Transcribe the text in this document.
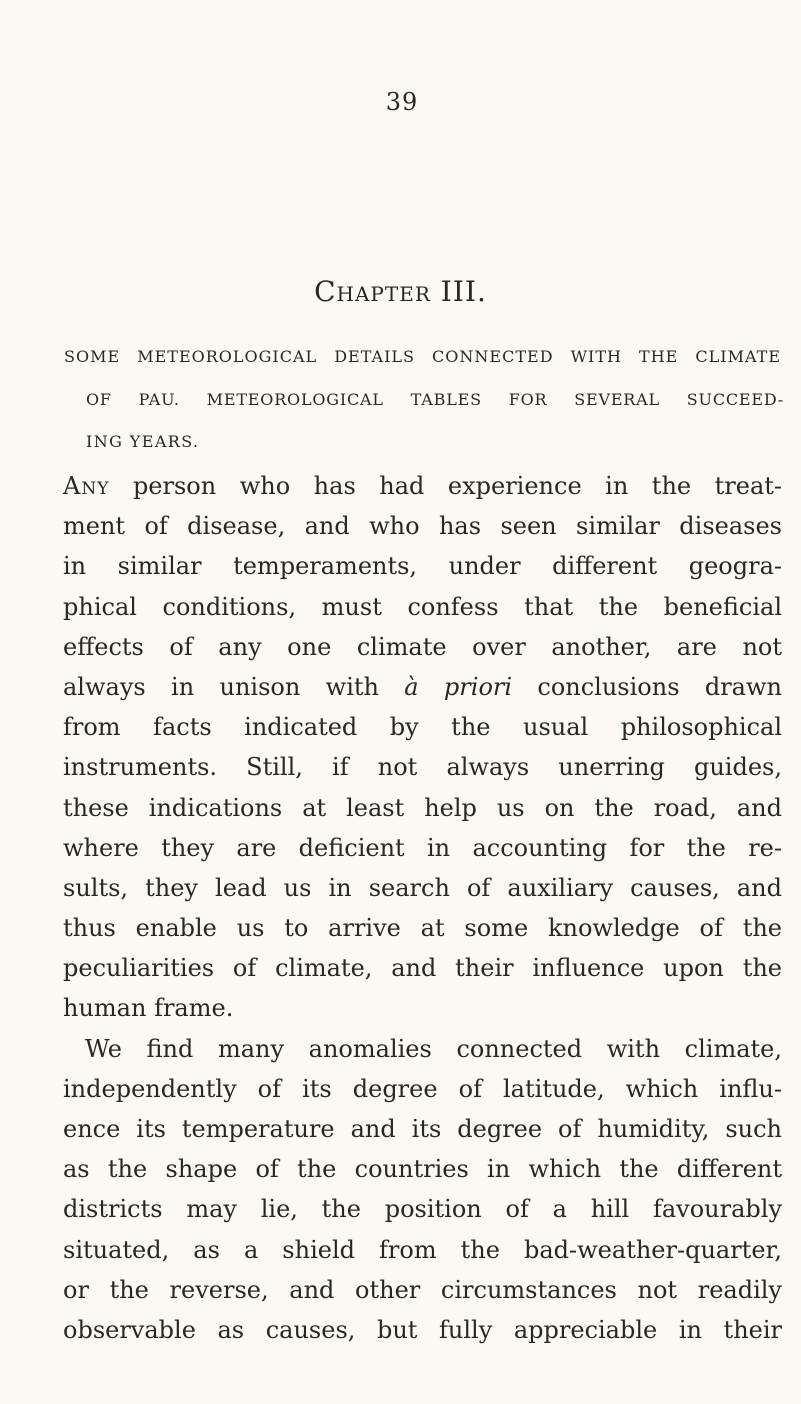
39
Chapter III.
SOME METEOROLOGICAL DETAILS CONNECTED WITH THE CLIMATE
OF PAU. METEOROLOGICAL TABLES FOR SEVERAL SUCCEED-
ING YEARS.
Any person who has had experience in the treat-
ment of disease, and who has seen similar diseases
in similar temperaments, under different geogra-
phical conditions, must confess that the beneficial
effects of any one climate over another, are not
always in unison with à priori conclusions drawn
from facts indicated by the usual philosophical
instruments. Still, if not always unerring guides,
these indications at least help us on the road, and
where they are deficient in accounting for the re-
sults, they lead us in search of auxiliary causes, and
thus enable us to arrive at some knowledge of the
peculiarities of climate, and their influence upon the
human frame.
We find many anomalies connected with climate,
independently of its degree of latitude, which influ-
ence its temperature and its degree of humidity, such
as the shape of the countries in which the different
districts may lie, the position of a hill favourably
situated, as a shield from the bad-weather-quarter,
or the reverse, and other circumstances not readily
observable as causes, but fully appreciable in their
